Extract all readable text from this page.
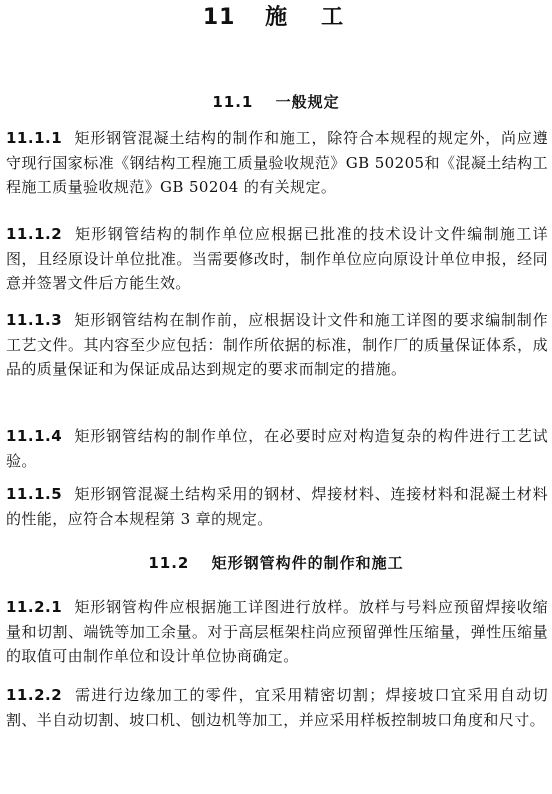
11 施　工
11.1 一般规定
11.1.1 矩形钢管混凝土结构的制作和施工，除符合本规程的规定外，尚应遵守现行国家标准《钢结构工程施工质量验收规范》GB 50205和《混凝土结构工程施工质量验收规范》GB 50204 的有关规定。
11.1.2 矩形钢管结构的制作单位应根据已批准的技术设计文件编制施工详图，且经原设计单位批准。当需要修改时，制作单位应向原设计单位申报，经同意并签署文件后方能生效。
11.1.3 矩形钢管结构在制作前，应根据设计文件和施工详图的要求编制制作工艺文件。其内容至少应包括：制作所依据的标准，制作厂的质量保证体系，成品的质量保证和为保证成品达到规定的要求而制定的措施。
11.1.4 矩形钢管结构的制作单位，在必要时应对构造复杂的构件进行工艺试验。
11.1.5 矩形钢管混凝土结构采用的钢材、焊接材料、连接材料和混凝土材料的性能，应符合本规程第 3 章的规定。
11.2 矩形钢管构件的制作和施工
11.2.1 矩形钢管构件应根据施工详图进行放样。放样与号料应预留焊接收缩量和切割、端铣等加工余量。对于高层框架柱尚应预留弹性压缩量，弹性压缩量的取值可由制作单位和设计单位协商确定。
11.2.2 需进行边缘加工的零件，宜采用精密切割；焊接坡口宜采用自动切割、半自动切割、坡口机、刨边机等加工，并应采用样板控制坡口角度和尺寸。
